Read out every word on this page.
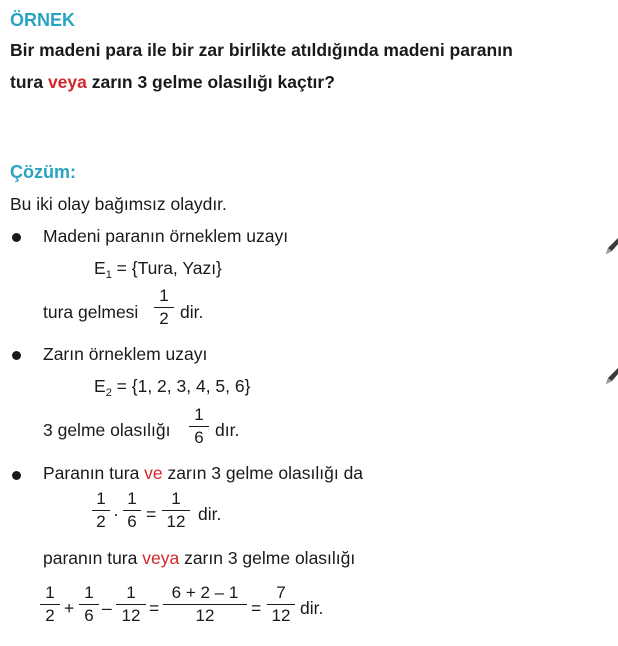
ÖRNEK
Bir madeni para ile bir zar birlikte atıldığında madeni paranın
tura veya zarın 3 gelme olasılığı kaçtır?
Çözüm:
Bu iki olay bağımsız olaydır.
Madeni paranın örneklem uzayı
$E_1$ = {Tura, Yazı}
tura gelmesi
1
2 dir.
Zarın örneklem uzayı
$E_2 = \{1$, 2, 3, 4, 5, 6}
3 gelme olasılığı
1
6 dır.
Paranın tura ve zarın 3 gelme olasılığı da
1
2 ·
1
6 =
1
12 dir.
paranın tura veya zarın 3 gelme olasılığı
1
2 +
1
6 –
1
12 =
6 + 2 – 1
12	=
7
12 dir.
